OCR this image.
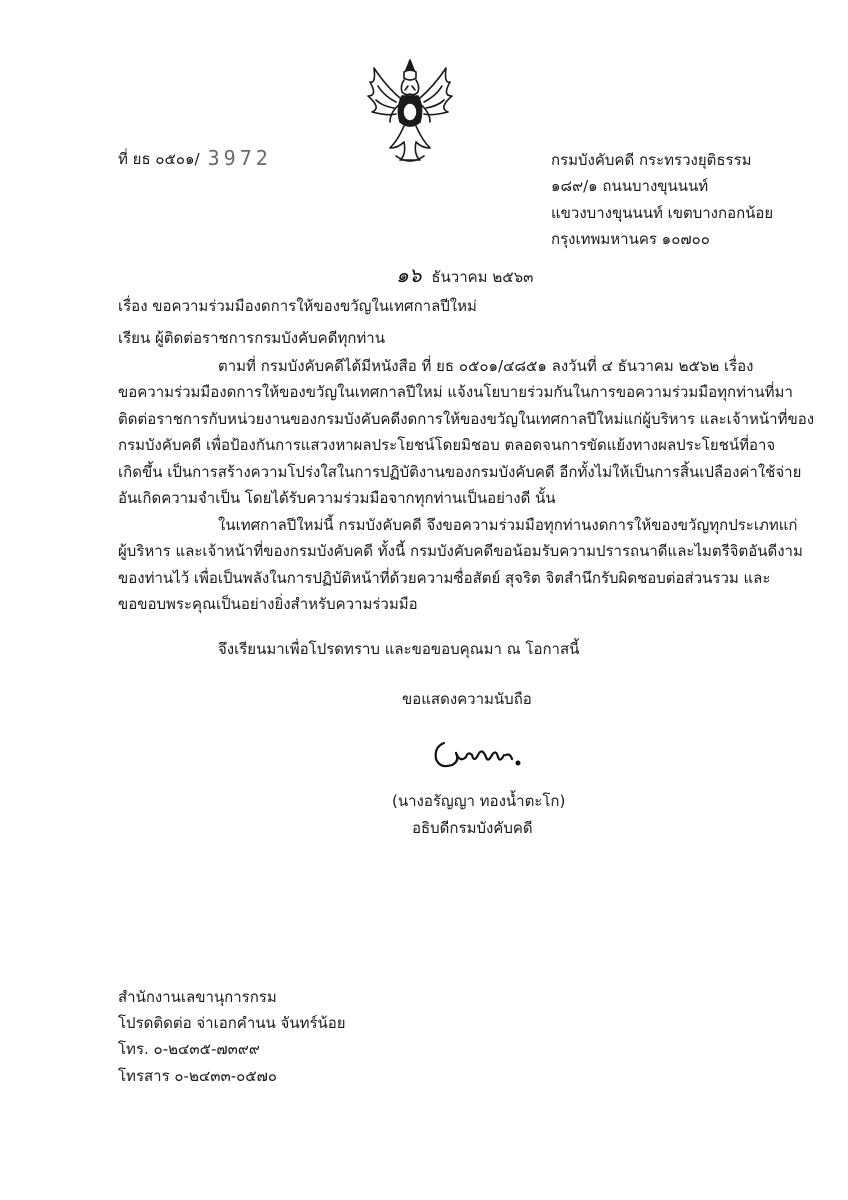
ที่ ยธ ๐๕๐๑/ 3972	กรมบังคับคดี กระทรวงยุติธรรม
๑๘๙/๑ ถนนบางขุนนนท์
แขวงบางขุนนนท์ เขตบางกอกน้อย
กรุงเทพมหานคร ๑๐๗๐๐
๑๖ ธันวาคม ๒๕๖๓
เรื่อง ขอความร่วมมืองดการให้ของขวัญในเทศกาลปีใหม่
เรียน ผู้ติดต่อราชการกรมบังคับคดีทุกท่าน
ตามที่ กรมบังคับคดีได้มีหนังสือ ที่ ยธ ๐๕๐๑/๔๘๕๑ ลงวันที่ ๔ ธันวาคม ๒๕๖๒ เรื่อง
ขอความร่วมมืองดการให้ของขวัญในเทศกาลปีใหม่ แจ้งนโยบายร่วมกันในการขอความร่วมมือทุกท่านที่มา
ติดต่อราชการกับหน่วยงานของกรมบังคับคดีงดการให้ของขวัญในเทศกาลปีใหม่แก่ผู้บริหาร และเจ้าหน้าที่ของ
กรมบังคับคดี เพื่อป้องกันการแสวงหาผลประโยชน์โดยมิชอบ ตลอดจนการขัดแย้งทางผลประโยชน์ที่อาจ
เกิดขึ้น เป็นการสร้างความโปร่งใสในการปฏิบัติงานของกรมบังคับคดี อีกทั้งไม่ให้เป็นการสิ้นเปลืองค่าใช้จ่าย
อันเกิดความจำเป็น โดยได้รับความร่วมมือจากทุกท่านเป็นอย่างดี นั้น
ในเทศกาลปีใหม่นี้ กรมบังคับคดี จึงขอความร่วมมือทุกท่านงดการให้ของขวัญทุกประเภทแก่
ผู้บริหาร และเจ้าหน้าที่ของกรมบังคับคดี ทั้งนี้ กรมบังคับคดีขอน้อมรับความปรารถนาดีและไมตรีจิตอันดีงาม
ของท่านไว้ เพื่อเป็นพลังในการปฏิบัติหน้าที่ด้วยความซื่อสัตย์ สุจริต จิตสำนึกรับผิดชอบต่อส่วนรวม และ
ขอขอบพระคุณเป็นอย่างยิ่งสำหรับความร่วมมือ
จึงเรียนมาเพื่อโปรดทราบ และขอขอบคุณมา ณ โอกาสนี้
ขอแสดงความนับถือ
(นางอรัญญา ทองน้ำตะโก)
อธิบดีกรมบังคับคดี
สำนักงานเลขานุการกรม
โปรดติดต่อ จ่าเอกคำนน จันทร์น้อย
โทร. ๐-๒๔๓๕-๗๓๙๙
โทรสาร ๐-๒๔๓๓-๐๕๗๐
